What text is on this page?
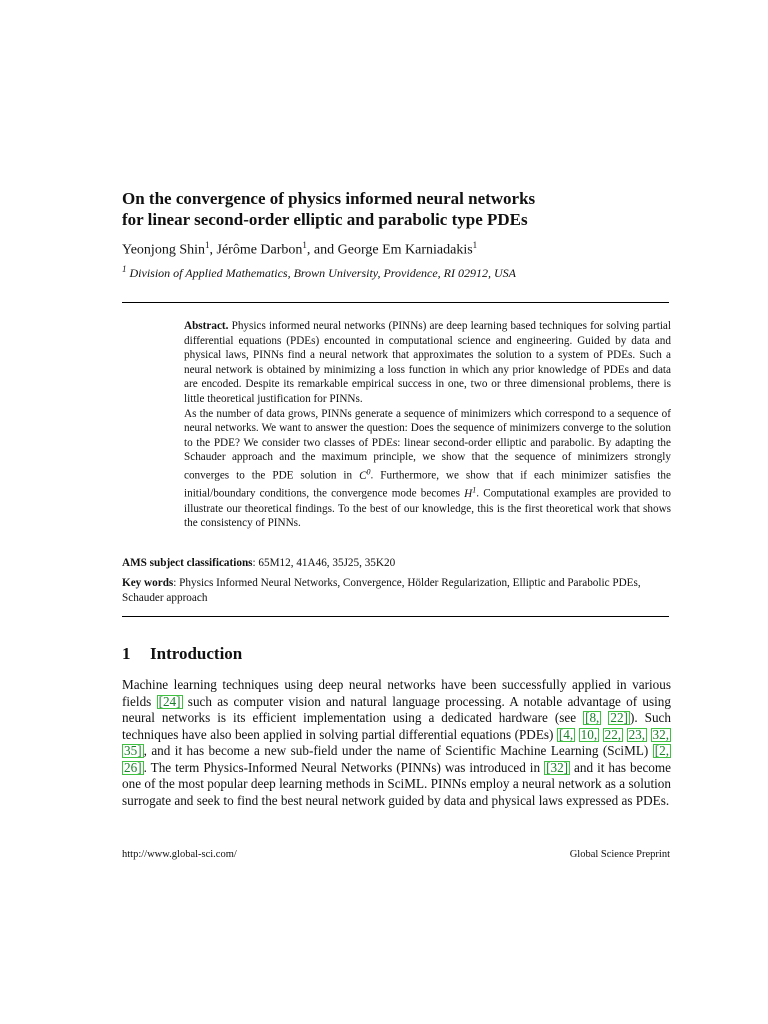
On the convergence of physics informed neural networks
for linear second-order elliptic and parabolic type PDEs
Yeonjong Shin$^1$, Jérôme Darbon$^1$, and George Em Karniadakis$^1$
$^1$ Division of Applied Mathematics, Brown University, Providence, RI 02912, USA

Abstract. Physics informed neural networks (PINNs) are deep learning based techniques for solving partial differential equations (PDEs) encounted in computational science and engineering. Guided by data and physical laws, PINNs find a neural network that approximates the solution to a system of PDEs. Such a neural network is obtained by minimizing a loss function in which any prior knowledge of PDEs and data are encoded. Despite its remarkable empirical success in one, two or three dimensional problems, there is little theoretical justification for PINNs.

As the number of data grows, PINNs generate a sequence of minimizers which correspond to a sequence of neural networks. We want to answer the question: Does the sequence of minimizers converge to the solution to the PDE? We consider two classes of PDEs: linear second-order elliptic and parabolic. By adapting the Schauder approach and the maximum principle, we show that the sequence of minimizers strongly converges to the PDE solution in $C^0$. Furthermore, we show that if each minimizer satisfies the initial/boundary conditions, the convergence mode becomes $H^1$. Computational examples are provided to illustrate our theoretical findings. To the best of our knowledge, this is the first theoretical work that shows the consistency of PINNs.

AMS subject classifications: 65M12, 41A46, 35J25, 35K20
Key words: Physics Informed Neural Networks, Convergence, Hölder Regularization, Elliptic and Parabolic PDEs, Schauder approach
1 Introduction

Machine learning techniques using deep neural networks have been successfully applied in various fields [24] such as computer vision and natural language processing. A notable advantage of using neural networks is its efficient implementation using a dedicated hardware (see [8, 22] ). Such techniques have also been applied in solving partial differential equations (PDEs) [4, 10, 22, 23, 32, 35] , and it has become a new sub-field under the name of Scientific Machine Learning (SciML) [2, 26] . The term Physics-Informed Neural Networks (PINNs) was introduced in [32] and it has become one of the most popular deep learning methods in SciML. PINNs employ a neural network as a solution surrogate and seek to find the best neural network guided by data and physical laws expressed as PDEs.

http://www.global-sci.com/	Global Science Preprint
